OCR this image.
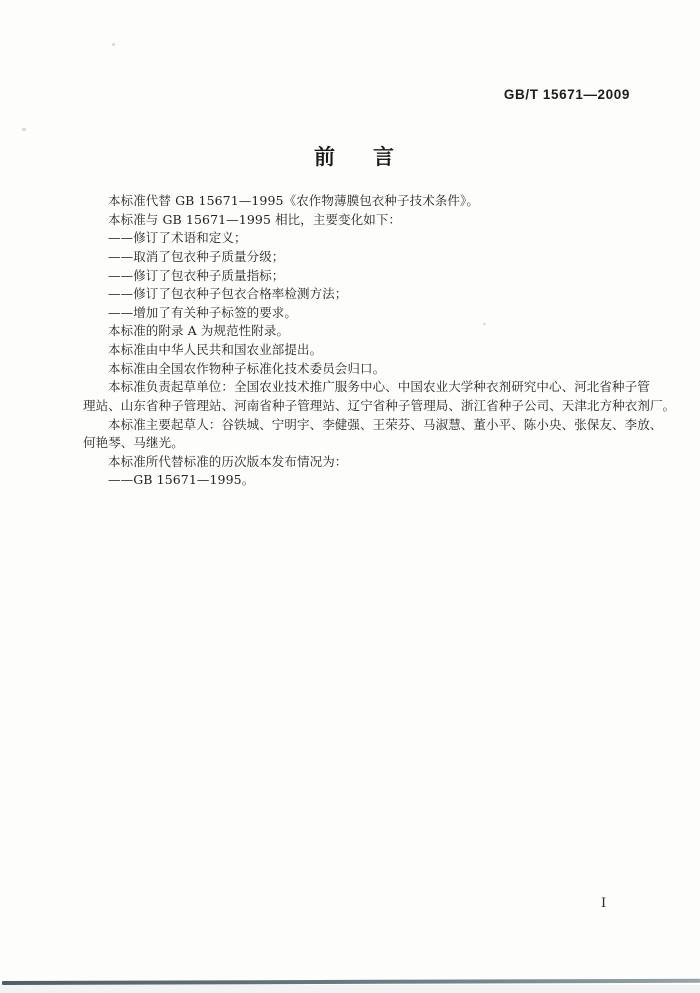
GB/T 15671—2009
前 言
本标准代替 GB 15671—1995《农作物薄膜包衣种子技术条件》。
本标准与 GB 15671—1995 相比，主要变化如下：
——修订了术语和定义；
——取消了包衣种子质量分级；
——修订了包衣种子质量指标；
——修订了包衣种子包衣合格率检测方法；
——增加了有关种子标签的要求。
本标准的附录 A 为规范性附录。
本标准由中华人民共和国农业部提出。
本标准由全国农作物种子标准化技术委员会归口。
本标准负责起草单位：全国农业技术推广服务中心、中国农业大学种衣剂研究中心、河北省种子管
理站、山东省种子管理站、河南省种子管理站、辽宁省种子管理局、浙江省种子公司、天津北方种衣剂厂。
本标准主要起草人：谷铁城、宁明宇、李健强、王荣芬、马淑慧、董小平、陈小央、张保友、李放、
何艳琴、马继光。
本标准所代替标准的历次版本发布情况为：
——GB 15671—1995。
Ⅰ
